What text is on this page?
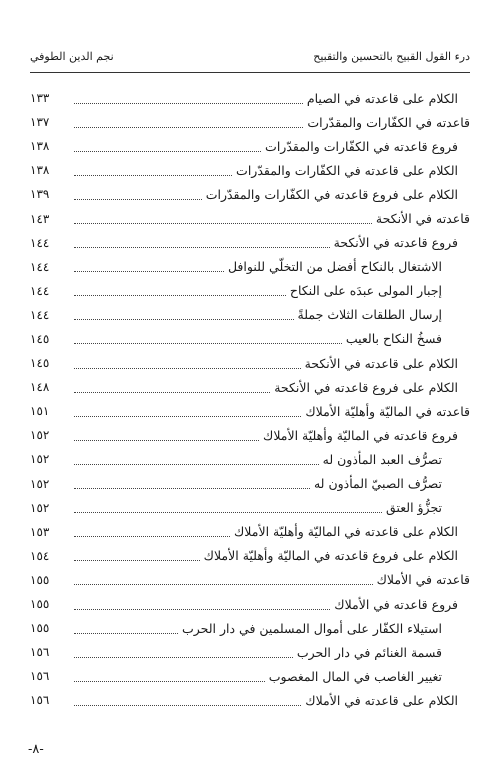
درء القول القبيح بالتحسين والتقبيح
نجم الدين الطوفي
الكلام على قاعدته في الصيام
١٣٣
قاعدته في الكفّارات والمقدّرات
١٣٧
فروع قاعدته في الكفّارات والمقدّرات
١٣٨
الكلام على قاعدته في الكفّارات والمقدّرات
١٣٨
الكلام على فروع قاعدته في الكفّارات والمقدّرات
١٣٩
قاعدته في الأنكحة
١٤٣
فروع قاعدته في الأنكحة
١٤٤
الاشتغال بالنكاح أفضل من التخلّي للنوافل
١٤٤
إجبار المولى عبدَه على النكاح
١٤٤
إرسال الطلقات الثلاث جملةً
١٤٤
فسخُ النكاح بالعيب
١٤٥
الكلام على قاعدته في الأنكحة
١٤٥
الكلام على فروع قاعدته في الأنكحة
١٤٨
قاعدته في الماليّة وأهليّة الأملاك
١٥١
فروع قاعدته في الماليّة وأهليّة الأملاك
١٥٢
تصرُّف العبد المأذون له
١٥٢
تصرُّف الصبيّ المأذون له
١٥٢
تجزُّؤ العتق
١٥٢
الكلام على قاعدته في الماليّة وأهليّة الأملاك
١٥٣
الكلام على فروع قاعدته في الماليّة وأهليّة الأملاك
١٥٤
قاعدته في الأملاك
١٥٥
فروع قاعدته في الأملاك
١٥٥
استيلاء الكفّار على أموال المسلمين في دار الحرب
١٥٥
قسمة الغنائم في دار الحرب
١٥٦
تغيير الغاصب في المال المغصوب
١٥٦
الكلام على قاعدته في الأملاك
١٥٦
-٨-
